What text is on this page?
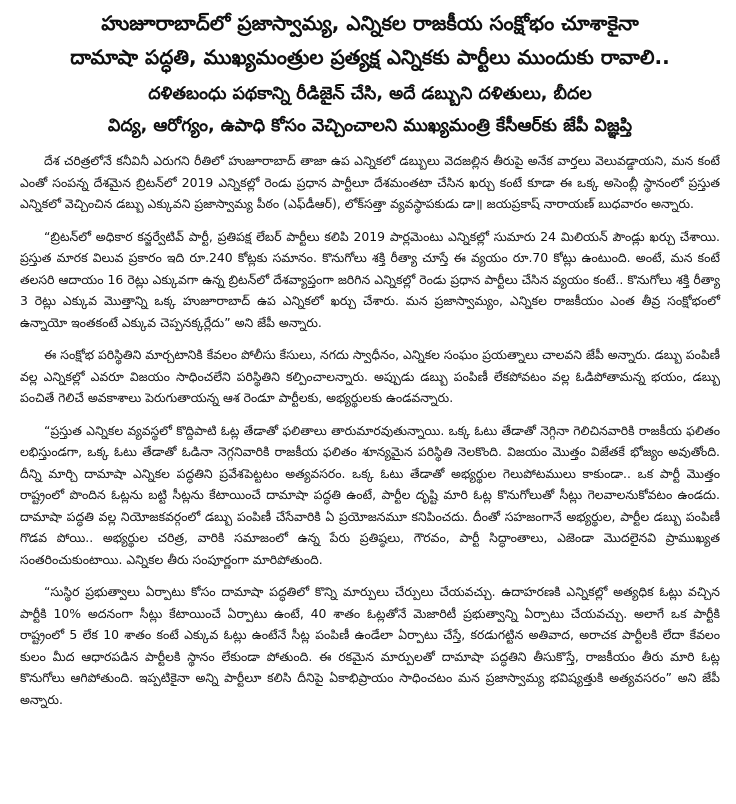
హుజూరాబాద్‌లో ప్రజాస్వామ్య, ఎన్నికల రాజకీయ సంక్షోభం చూశాకైనా
దామాషా పద్ధతి, ముఖ్యమంత్రుల ప్రత్యక్ష ఎన్నికకు పార్టీలు ముందుకు రావాలి..
దళితబంధు పథకాన్ని రీడిజైన్ చేసి, అదే డబ్బుని దళితులు, బీదల
విద్య, ఆరోగ్యం, ఉపాధి కోసం వెచ్చించాలని ముఖ్యమంత్రి కేసీఆర్‌కు జేపీ విజ్ఞప్తి

దేశ చరిత్రలోనే కనీవినీ ఎరుగని రీతిలో హుజూరాబాద్ తాజా ఉప ఎన్నికలో డబ్బులు వెదజల్లిన తీరుపై అనేక వార్తలు వెలువడ్డాయని, మన కంటే ఎంతో సంపన్న దేశమైన బ్రిటన్‌లో 2019 ఎన్నికల్లో రెండు ప్రధాన పార్టీలూ దేశమంతటా చేసిన ఖర్చు కంటే కూడా ఈ ఒక్క అసెంబ్లీ స్థానంలో ప్రస్తుత ఎన్నికలో వెచ్చించిన డబ్బు ఎక్కువని ప్రజాస్వామ్య పీఠం (ఎఫ్‌డీఆర్), లోక్‌సత్తా వ్యవస్థాపకుడు డా॥ జయప్రకాష్ నారాయణ్ బుధవారం అన్నారు.

“బ్రిటన్‌లో అధికార కన్జర్వేటివ్ పార్టీ, ప్రతిపక్ష లేబర్ పార్టీలు కలిపి 2019 పార్లమెంటు ఎన్నికల్లో సుమారు 24 మిలియన్ పౌండ్లు ఖర్చు చేశాయి. ప్రస్తుత మారక విలువ ప్రకారం ఇది రూ.240 కోట్లకు సమానం. కొనుగోలు శక్తి రీత్యా చూస్తే ఈ వ్యయం రూ.70 కోట్లు ఉంటుంది. అంటే, మన కంటే తలసరి ఆదాయం 16 రెట్లు ఎక్కువగా ఉన్న బ్రిటన్‌లో దేశవ్యాప్తంగా జరిగిన ఎన్నికల్లో రెండు ప్రధాన పార్టీలు చేసిన వ్యయం కంటే.. కొనుగోలు శక్తి రీత్యా 3 రెట్లు ఎక్కువ మొత్తాన్ని ఒక్క హుజూరాబాద్ ఉప ఎన్నికలో ఖర్చు చేశారు. మన ప్రజాస్వామ్యం, ఎన్నికల రాజకీయం ఎంత తీవ్ర సంక్షోభంలో ఉన్నాయో ఇంతకంటే ఎక్కువ చెప్పనక్కర్లేదు” అని జేపీ అన్నారు.

ఈ సంక్షోభ పరిస్థితిని మార్చటానికి కేవలం పోలీసు కేసులు, నగదు స్వాధీనం, ఎన్నికల సంఘం ప్రయత్నాలు చాలవని జేపీ అన్నారు. డబ్బు పంపిణీ వల్ల ఎన్నికల్లో ఎవరూ విజయం సాధించలేని పరిస్థితిని కల్పించాలన్నారు. అప్పుడు డబ్బు పంపిణీ లేకపోవటం వల్ల ఓడిపోతామన్న భయం, డబ్బు పంచితే గెలిచే అవకాశాలు పెరుగుతాయన్న ఆశ రెండూ పార్టీలకు, అభ్యర్థులకు ఉండవన్నారు.

“ప్రస్తుత ఎన్నికల వ్యవస్థలో కొద్దిపాటి ఓట్ల తేడాతో ఫలితాలు తారుమారవుతున్నాయి. ఒక్క ఓటు తేడాతో నెగ్గినా గెలిచినవారికి రాజకీయ ఫలితం లభిస్తుండగా, ఒక్క ఓటు తేడాతో ఓడినా నెగ్గనివారికి రాజకీయ ఫలితం శూన్యమైన పరిస్థితి నెలకొంది. విజయం మొత్తం విజేతకే భోజ్యం అవుతోంది. దీన్ని మార్చి దామాషా ఎన్నికల పద్ధతిని ప్రవేశపెట్టటం అత్యవసరం. ఒక్క ఓటు తేడాతో అభ్యర్థుల గెలుపోటములు కాకుండా.. ఒక పార్టీ మొత్తం రాష్ట్రంలో పొందిన ఓట్లను బట్టి సీట్లను కేటాయించే దామాషా పద్ధతి ఉంటే, పార్టీల దృష్టి మారి ఓట్ల కొనుగోలుతో సీట్లు గెలవాలనుకోవటం ఉండదు. దామాషా పద్ధతి వల్ల నియోజకవర్గంలో డబ్బు పంపిణీ చేసేవారికి ఏ ప్రయోజనమూ కనిపించదు. దీంతో సహజంగానే అభ్యర్థుల, పార్టీల డబ్బు పంపిణీ గొడవ పోయి.. అభ్యర్థుల చరిత్ర, వారికి సమాజంలో ఉన్న పేరు ప్రతిష్ఠలు, గౌరవం, పార్టీ సిద్ధాంతాలు, ఎజెండా మొదలైనవి ప్రాముఖ్యత సంతరించుకుంటాయి. ఎన్నికల తీరు సంపూర్ణంగా మారిపోతుంది.

“సుస్థిర ప్రభుత్వాలు ఏర్పాటు కోసం దామాషా పద్ధతిలో కొన్ని మార్పులు చేర్పులు చేయవచ్చు. ఉదాహరణకి ఎన్నికల్లో అత్యధిక ఓట్లు వచ్చిన పార్టీకి 10% అదనంగా సీట్లు కేటాయించే ఏర్పాటు ఉంటే, 40 శాతం ఓట్లతోనే మెజారిటీ ప్రభుత్వాన్ని ఏర్పాటు చేయవచ్చు. అలాగే ఒక పార్టీకి రాష్ట్రంలో 5 లేక 10 శాతం కంటే ఎక్కువ ఓట్లు ఉంటేనే సీట్ల పంపిణీ ఉండేలా ఏర్పాటు చేస్తే, కరడుగట్టిన అతివాద, అరాచక పార్టీలకి లేదా కేవలం కులం మీద ఆధారపడిన పార్టీలకి స్థానం లేకుండా పోతుంది. ఈ రకమైన మార్పులతో దామాషా పద్ధతిని తీసుకొస్తే, రాజకీయం తీరు మారి ఓట్ల కొనుగోలు ఆగిపోతుంది. ఇప్పటికైనా అన్ని పార్టీలూ కలిసి దీనిపై ఏకాభిప్రాయం సాధించటం మన ప్రజాస్వామ్య భవిష్యత్తుకి అత్యవసరం” అని జేపీ అన్నారు.
